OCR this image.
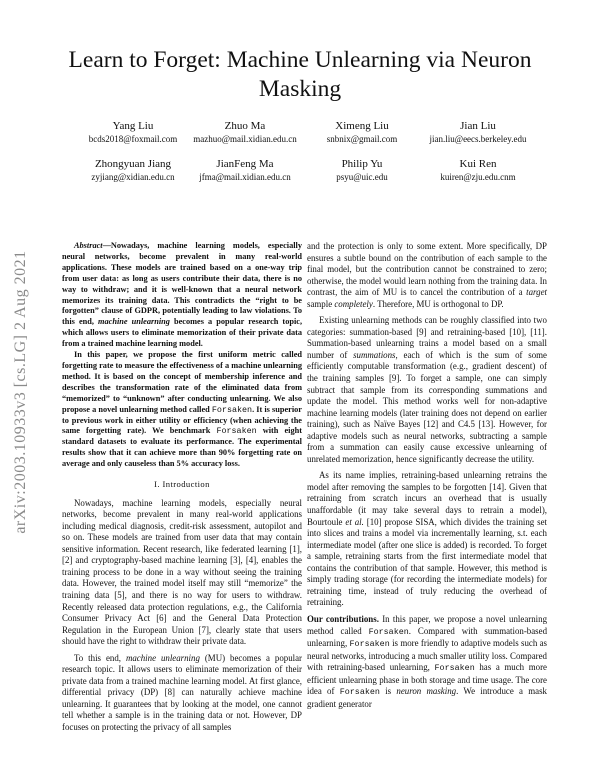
arXiv:2003.10933v3 [cs.LG] 2 Aug 2021
Learn to Forget: Machine Unlearning via Neuron Masking
Yang Liu
bcds2018@foxmail.com
Zhuo Ma
mazhuo@mail.xidian.edu.cn
Ximeng Liu
snbnix@gmail.com
Jian Liu
jian.liu@eecs.berkeley.edu
Zhongyuan Jiang
zyjiang@xidian.edu.cn
JianFeng Ma
jfma@mail.xidian.edu.cn
Philip Yu
psyu@uic.edu
Kui Ren
kuiren@zju.edu.cnm

Abstract—Nowadays, machine learning models, especially neural networks, become prevalent in many real-world applications. These models are trained based on a one-way trip from user data: as long as users contribute their data, there is no way to withdraw; and it is well-known that a neural network memorizes its training data. This contradicts the “right to be forgotten” clause of GDPR, potentially leading to law violations. To this end, machine unlearning becomes a popular research topic, which allows users to eliminate memorization of their private data from a trained machine learning model.

In this paper, we propose the first uniform metric called forgetting rate to measure the effectiveness of a machine unlearning method. It is based on the concept of membership inference and describes the transformation rate of the eliminated data from “memorized” to “unknown” after conducting unlearning. We also propose a novel unlearning method called Forsaken. It is superior to previous work in either utility or efficiency (when achieving the same forgetting rate). We benchmark Forsaken with eight standard datasets to evaluate its performance. The experimental results show that it can achieve more than 90% forgetting rate on average and only causeless than 5% accuracy loss.

I. Introduction

Nowadays, machine learning models, especially neural networks, become prevalent in many real-world applications including medical diagnosis, credit-risk assessment, autopilot and so on. These models are trained from user data that may contain sensitive information. Recent research, like federated learning [1], [2] and cryptography-based machine learning [3], [4], enables the training process to be done in a way without seeing the training data. However, the trained model itself may still “memorize” the training data [5], and there is no way for users to withdraw. Recently released data protection regulations, e.g., the California Consumer Privacy Act [6] and the General Data Protection Regulation in the European Union [7], clearly state that users should have the right to withdraw their private data.

To this end, machine unlearning (MU) becomes a popular research topic. It allows users to eliminate memorization of their private data from a trained machine learning model. At first glance, differential privacy (DP) [8] can naturally achieve machine unlearning. It guarantees that by looking at the model, one cannot tell whether a sample is in the training data or not. However, DP focuses on protecting the privacy of all samples

and the protection is only to some extent. More specifically, DP ensures a subtle bound on the contribution of each sample to the final model, but the contribution cannot be constrained to zero; otherwise, the model would learn nothing from the training data. In contrast, the aim of MU is to cancel the contribution of a target sample completely. Therefore, MU is orthogonal to DP.

Existing unlearning methods can be roughly classified into two categories: summation-based [9] and retraining-based [10], [11]. Summation-based unlearning trains a model based on a small number of summations, each of which is the sum of some efficiently computable transformation (e.g., gradient descent) of the training samples [9]. To forget a sample, one can simply subtract that sample from its corresponding summations and update the model. This method works well for non-adaptive machine learning models (later training does not depend on earlier training), such as Naïve Bayes [12] and C4.5 [13]. However, for adaptive models such as neural networks, subtracting a sample from a summation can easily cause excessive unlearning of unrelated memorization, hence significantly decrease the utility.

As its name implies, retraining-based unlearning retrains the model after removing the samples to be forgotten [14]. Given that retraining from scratch incurs an overhead that is usually unaffordable (it may take several days to retrain a model), Bourtoule et al. [10] propose SISA, which divides the training set into slices and trains a model via incrementally learning, s.t. each intermediate model (after one slice is added) is recorded. To forget a sample, retraining starts from the first intermediate model that contains the contribution of that sample. However, this method is simply trading storage (for recording the intermediate models) for retraining time, instead of truly reducing the overhead of retraining.

Our contributions. In this paper, we propose a novel unlearning method called Forsaken. Compared with summation-based unlearning, Forsaken is more friendly to adaptive models such as neural networks, introducing a much smaller utility loss. Compared with retraining-based unlearning, Forsaken has a much more efficient unlearning phase in both storage and time usage. The core idea of Forsaken is neuron masking. We introduce a mask gradient generator
